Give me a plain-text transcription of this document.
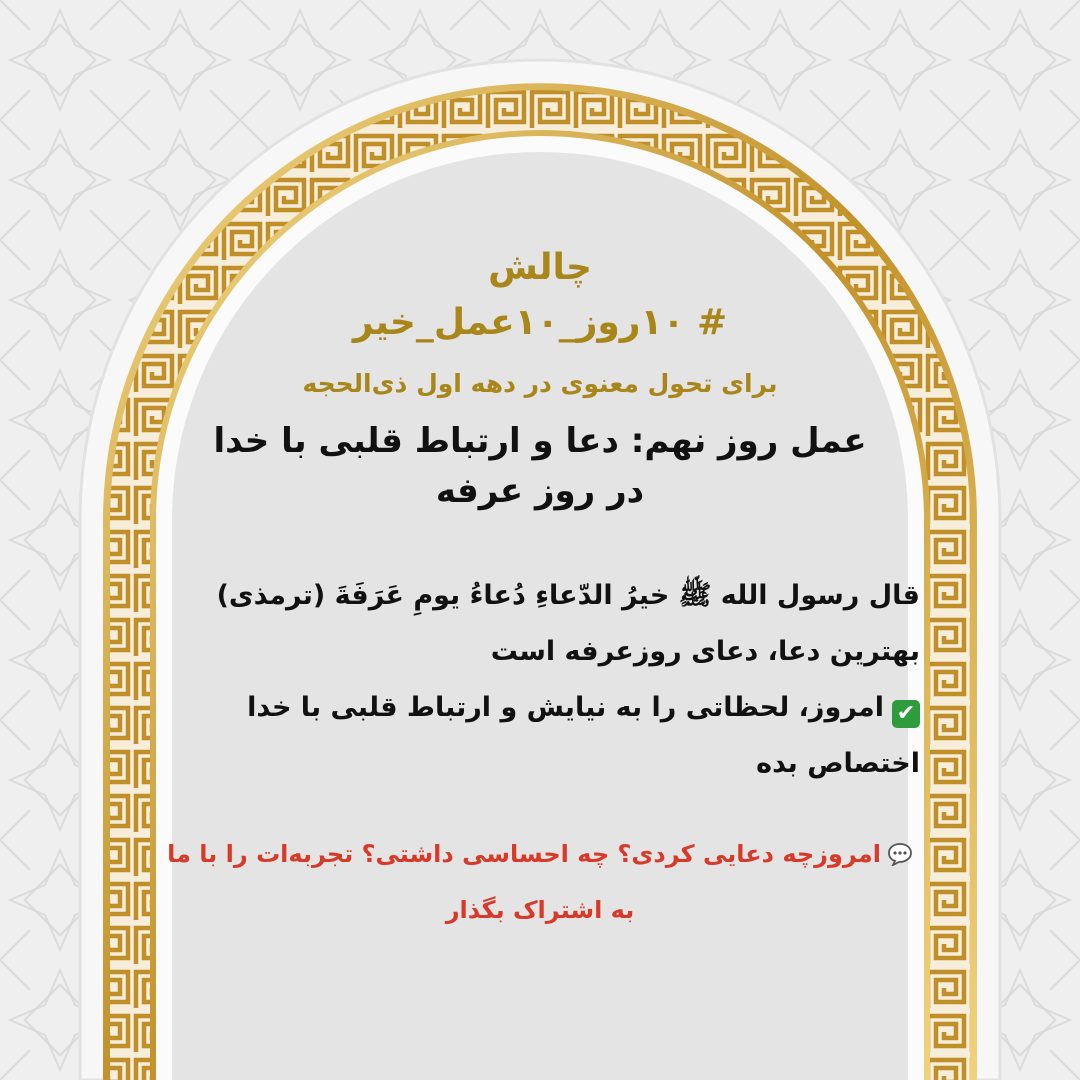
چالش
# ۱۰روز_۱۰عمل_خیر
برای تحول معنوی در دهه اول ذی‌الحجه
عمل روز نهم: دعا و ارتباط قلبی با خدا
در روز عرفه

قال رسول الله ﷺ خیرُ الدّعاءِ دُعاءُ یومِ عَرَفَةَ (ترمذی)

بهترین دعا، دعای روزعرفه است

✔امروز، لحظاتی را به نیایش و ارتباط قلبی با خدا اختصاص بده

امروزچه دعایی کردی؟ چه احساسی داشتی؟ تجربه‌ات را با ما به اشتراک بگذار
